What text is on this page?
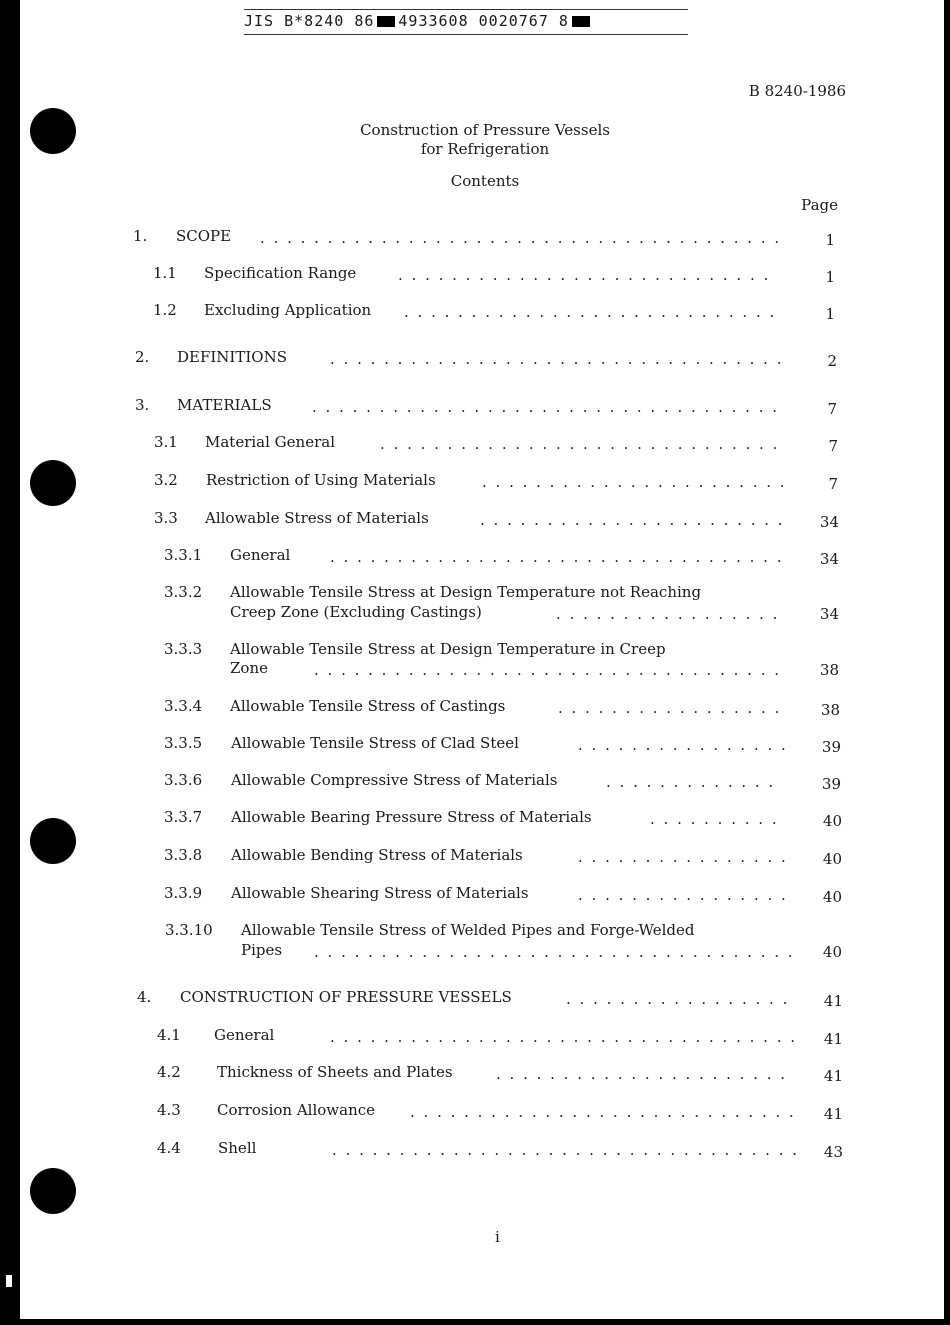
JIS B*8240 86 4933608 0020767 8
B 8240-1986
Construction of Pressure Vessels
for Refrigeration
Contents
Page
1. SCOPE . . . . . . . . . . . . . . . . . . . . . . . . . . . . . . . . . . . . . . .	1
1.1 Specification Range	. . . . . . . . . . . . . . . . . . . . . . . . . . . .	1
1.2 Excluding Application . . . . . . . . . . . . . . . . . . . . . . . . . . . .	1
2. DEFINITIONS	. . . . . . . . . . . . . . . . . . . . . . . . . . . . . . . . . .	2
3. MATERIALS	. . . . . . . . . . . . . . . . . . . . . . . . . . . . . . . . . . .	7
3.1 Material General	. . . . . . . . . . . . . . . . . . . . . . . . . . . . . .	7
3.2 Restriction of Using Materials	. . . . . . . . . . . . . . . . . . . . . . .	7
3.3 Allowable Stress of Materials	. . . . . . . . . . . . . . . . . . . . . . .	34
3.3.1 General	. . . . . . . . . . . . . . . . . . . . . . . . . . . . . . . . . .	34
3.3.2 Allowable Tensile Stress at Design Temperature not Reaching
Creep Zone (Excluding Castings)	. . . . . . . . . . . . . . . . .	34
3.3.3 Allowable Tensile Stress at Design Temperature in Creep
Zone	. . . . . . . . . . . . . . . . . . . . . . . . . . . . . . . . . . .	38
3.3.4 Allowable Tensile Stress of Castings	. . . . . . . . . . . . . . . . .	38
3.3.5 Allowable Tensile Stress of Clad Steel	. . . . . . . . . . . . . . . .	39
3.3.6 Allowable Compressive Stress of Materials	. . . . . . . . . . . . .	39
3.3.7 Allowable Bearing Pressure Stress of Materials	. . . . . . . . . .	40
3.3.8 Allowable Bending Stress of Materials	. . . . . . . . . . . . . . . .	40
3.3.9 Allowable Shearing Stress of Materials	. . . . . . . . . . . . . . . .	40
3.3.10 Allowable Tensile Stress of Welded Pipes and Forge-Welded
Pipes . . . . . . . . . . . . . . . . . . . . . . . . . . . . . . . . . . . .	40
4. CONSTRUCTION OF PRESSURE VESSELS	. . . . . . . . . . . . . . . . .	41
4.1 General	. . . . . . . . . . . . . . . . . . . . . . . . . . . . . . . . . . .	41
4.2 Thickness of Sheets and Plates	. . . . . . . . . . . . . . . . . . . . . .	41
4.3 Corrosion Allowance . . . . . . . . . . . . . . . . . . . . . . . . . . . . .	41
4.4 Shell	. . . . . . . . . . . . . . . . . . . . . . . . . . . . . . . . . . .	43
i
